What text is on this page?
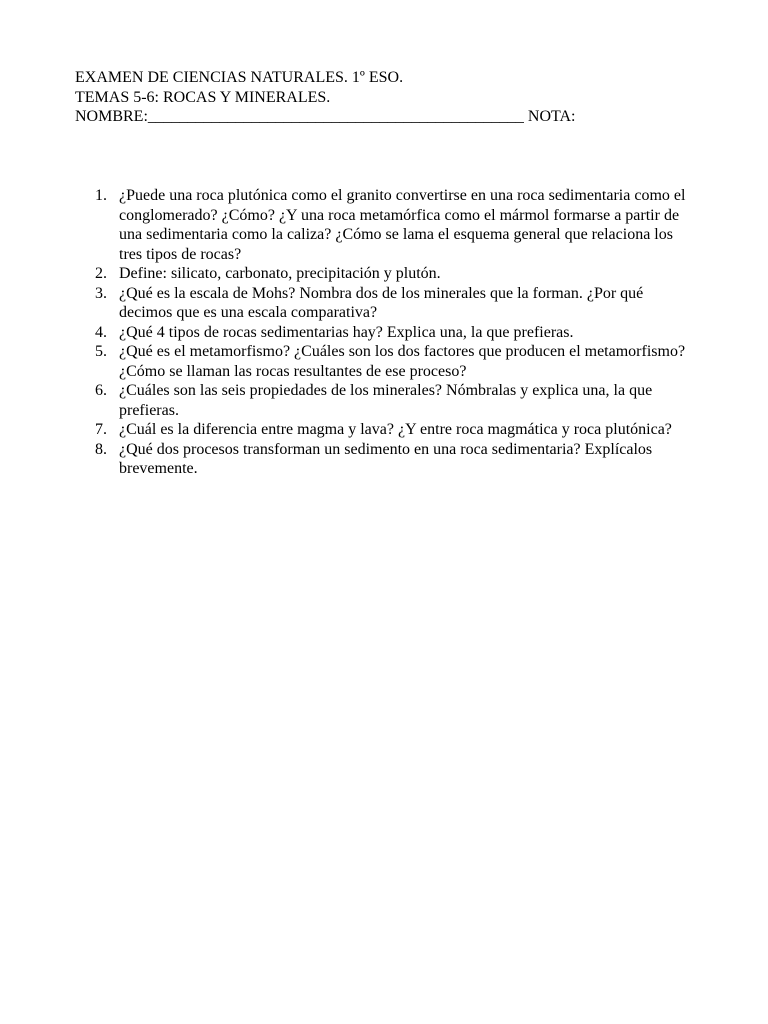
EXAMEN DE CIENCIAS NATURALES. 1º ESO.
TEMAS 5-6: ROCAS Y MINERALES.
NOMBRE:_______________________________________________ NOTA:
1. ¿Puede una roca plutónica como el granito convertirse en una roca sedimentaria como el conglomerado? ¿Cómo? ¿Y una roca metamórfica como el mármol formarse a partir de una sedimentaria como la caliza? ¿Cómo se lama el esquema general que relaciona los tres tipos de rocas?
2. Define: silicato, carbonato, precipitación y plutón.
3. ¿Qué es la escala de Mohs? Nombra dos de los minerales que la forman. ¿Por qué decimos que es una escala comparativa?
4. ¿Qué 4 tipos de rocas sedimentarias hay? Explica una, la que prefieras.
5. ¿Qué es el metamorfismo? ¿Cuáles son los dos factores que producen el metamorfismo? ¿Cómo se llaman las rocas resultantes de ese proceso?
6. ¿Cuáles son las seis propiedades de los minerales? Nómbralas y explica una, la que prefieras.
7. ¿Cuál es la diferencia entre magma y lava? ¿Y entre roca magmática y roca plutónica?
8. ¿Qué dos procesos transforman un sedimento en una roca sedimentaria? Explícalos brevemente.
